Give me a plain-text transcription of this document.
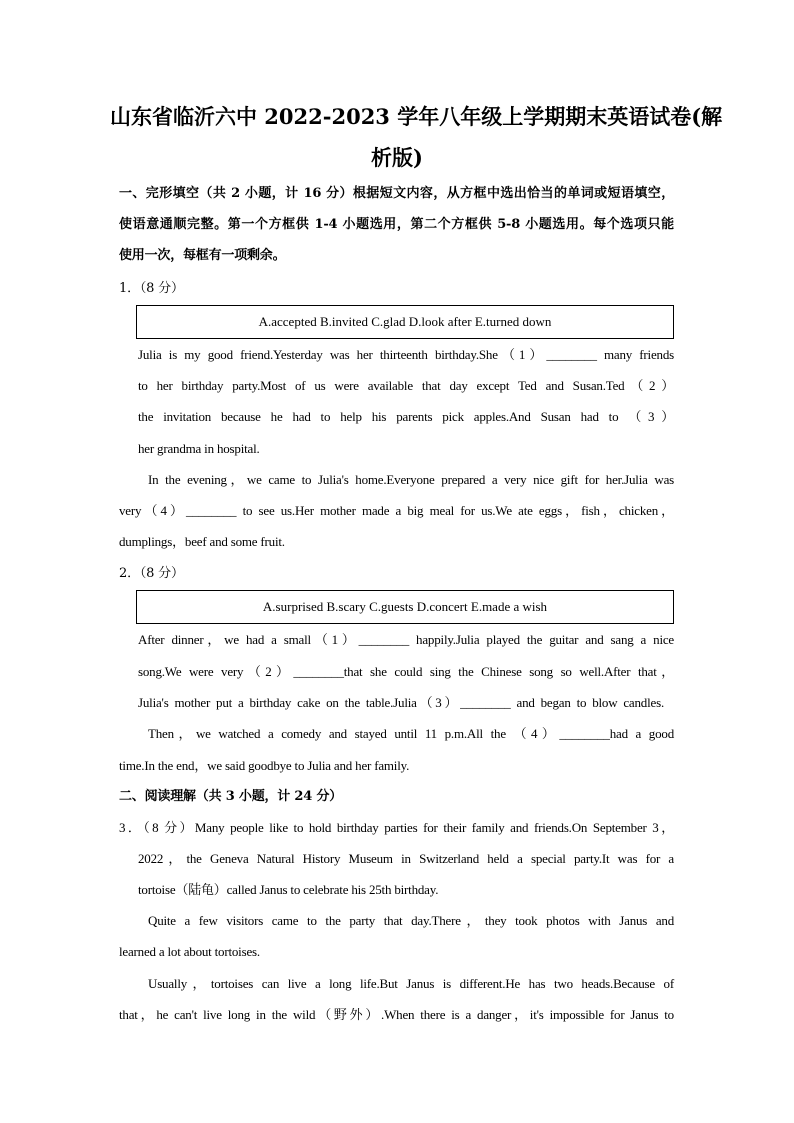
山东省临沂六中 2022-2023 学年八年级上学期期末英语试卷(解
析版)
一、完形填空（共 2 小题，计 16 分）根据短文内容，从方框中选出恰当的单词或短语填空，
使语意通顺完整。第一个方框供 1-4 小题选用，第二个方框供 5-8 小题选用。每个选项只能
使用一次，每框有一项剩余。
1．（8 分）
A.accepted B.invited C.glad D.look after E.turned down
Julia is my good friend.Yesterday was her thirteenth birthday.She（1）________ many friends
to her birthday party.Most of us were available that day except Ted and Susan.Ted（2）
the invitation because he had to help his parents pick apples.And Susan had to （3）
her grandma in hospital.
In the evening，we came to Julia's home.Everyone prepared a very nice gift for her.Julia was
very（4）________ to see us.Her mother made a big meal for us.We ate eggs，fish，chicken，
dumplings，beef and some fruit.
2．（8 分）
A.surprised B.scary C.guests D.concert E.made a wish
After dinner，we had a small（1）________ happily.Julia played the guitar and sang a nice
song.We were very（2）________that she could sing the Chinese song so well.After that，
Julia's mother put a birthday cake on the table.Julia（3）________ and began to blow candles.
Then，we watched a comedy and stayed until 11 p.m.All the （4）________had a good
time.In the end，we said goodbye to Julia and her family.
二、阅读理解（共 3 小题，计 24 分）
3．（8 分）Many people like to hold birthday parties for their family and friends.On September 3，
2022，the Geneva Natural History Museum in Switzerland held a special party.It was for a
tortoise（陆龟）called Janus to celebrate his 25th birthday.
Quite a few visitors came to the party that day.There，they took photos with Janus and
learned a lot about tortoises.
Usually，tortoises can live a long life.But Janus is different.He has two heads.Because of
that，he can't live long in the wild（野外）.When there is a danger，it's impossible for Janus to
